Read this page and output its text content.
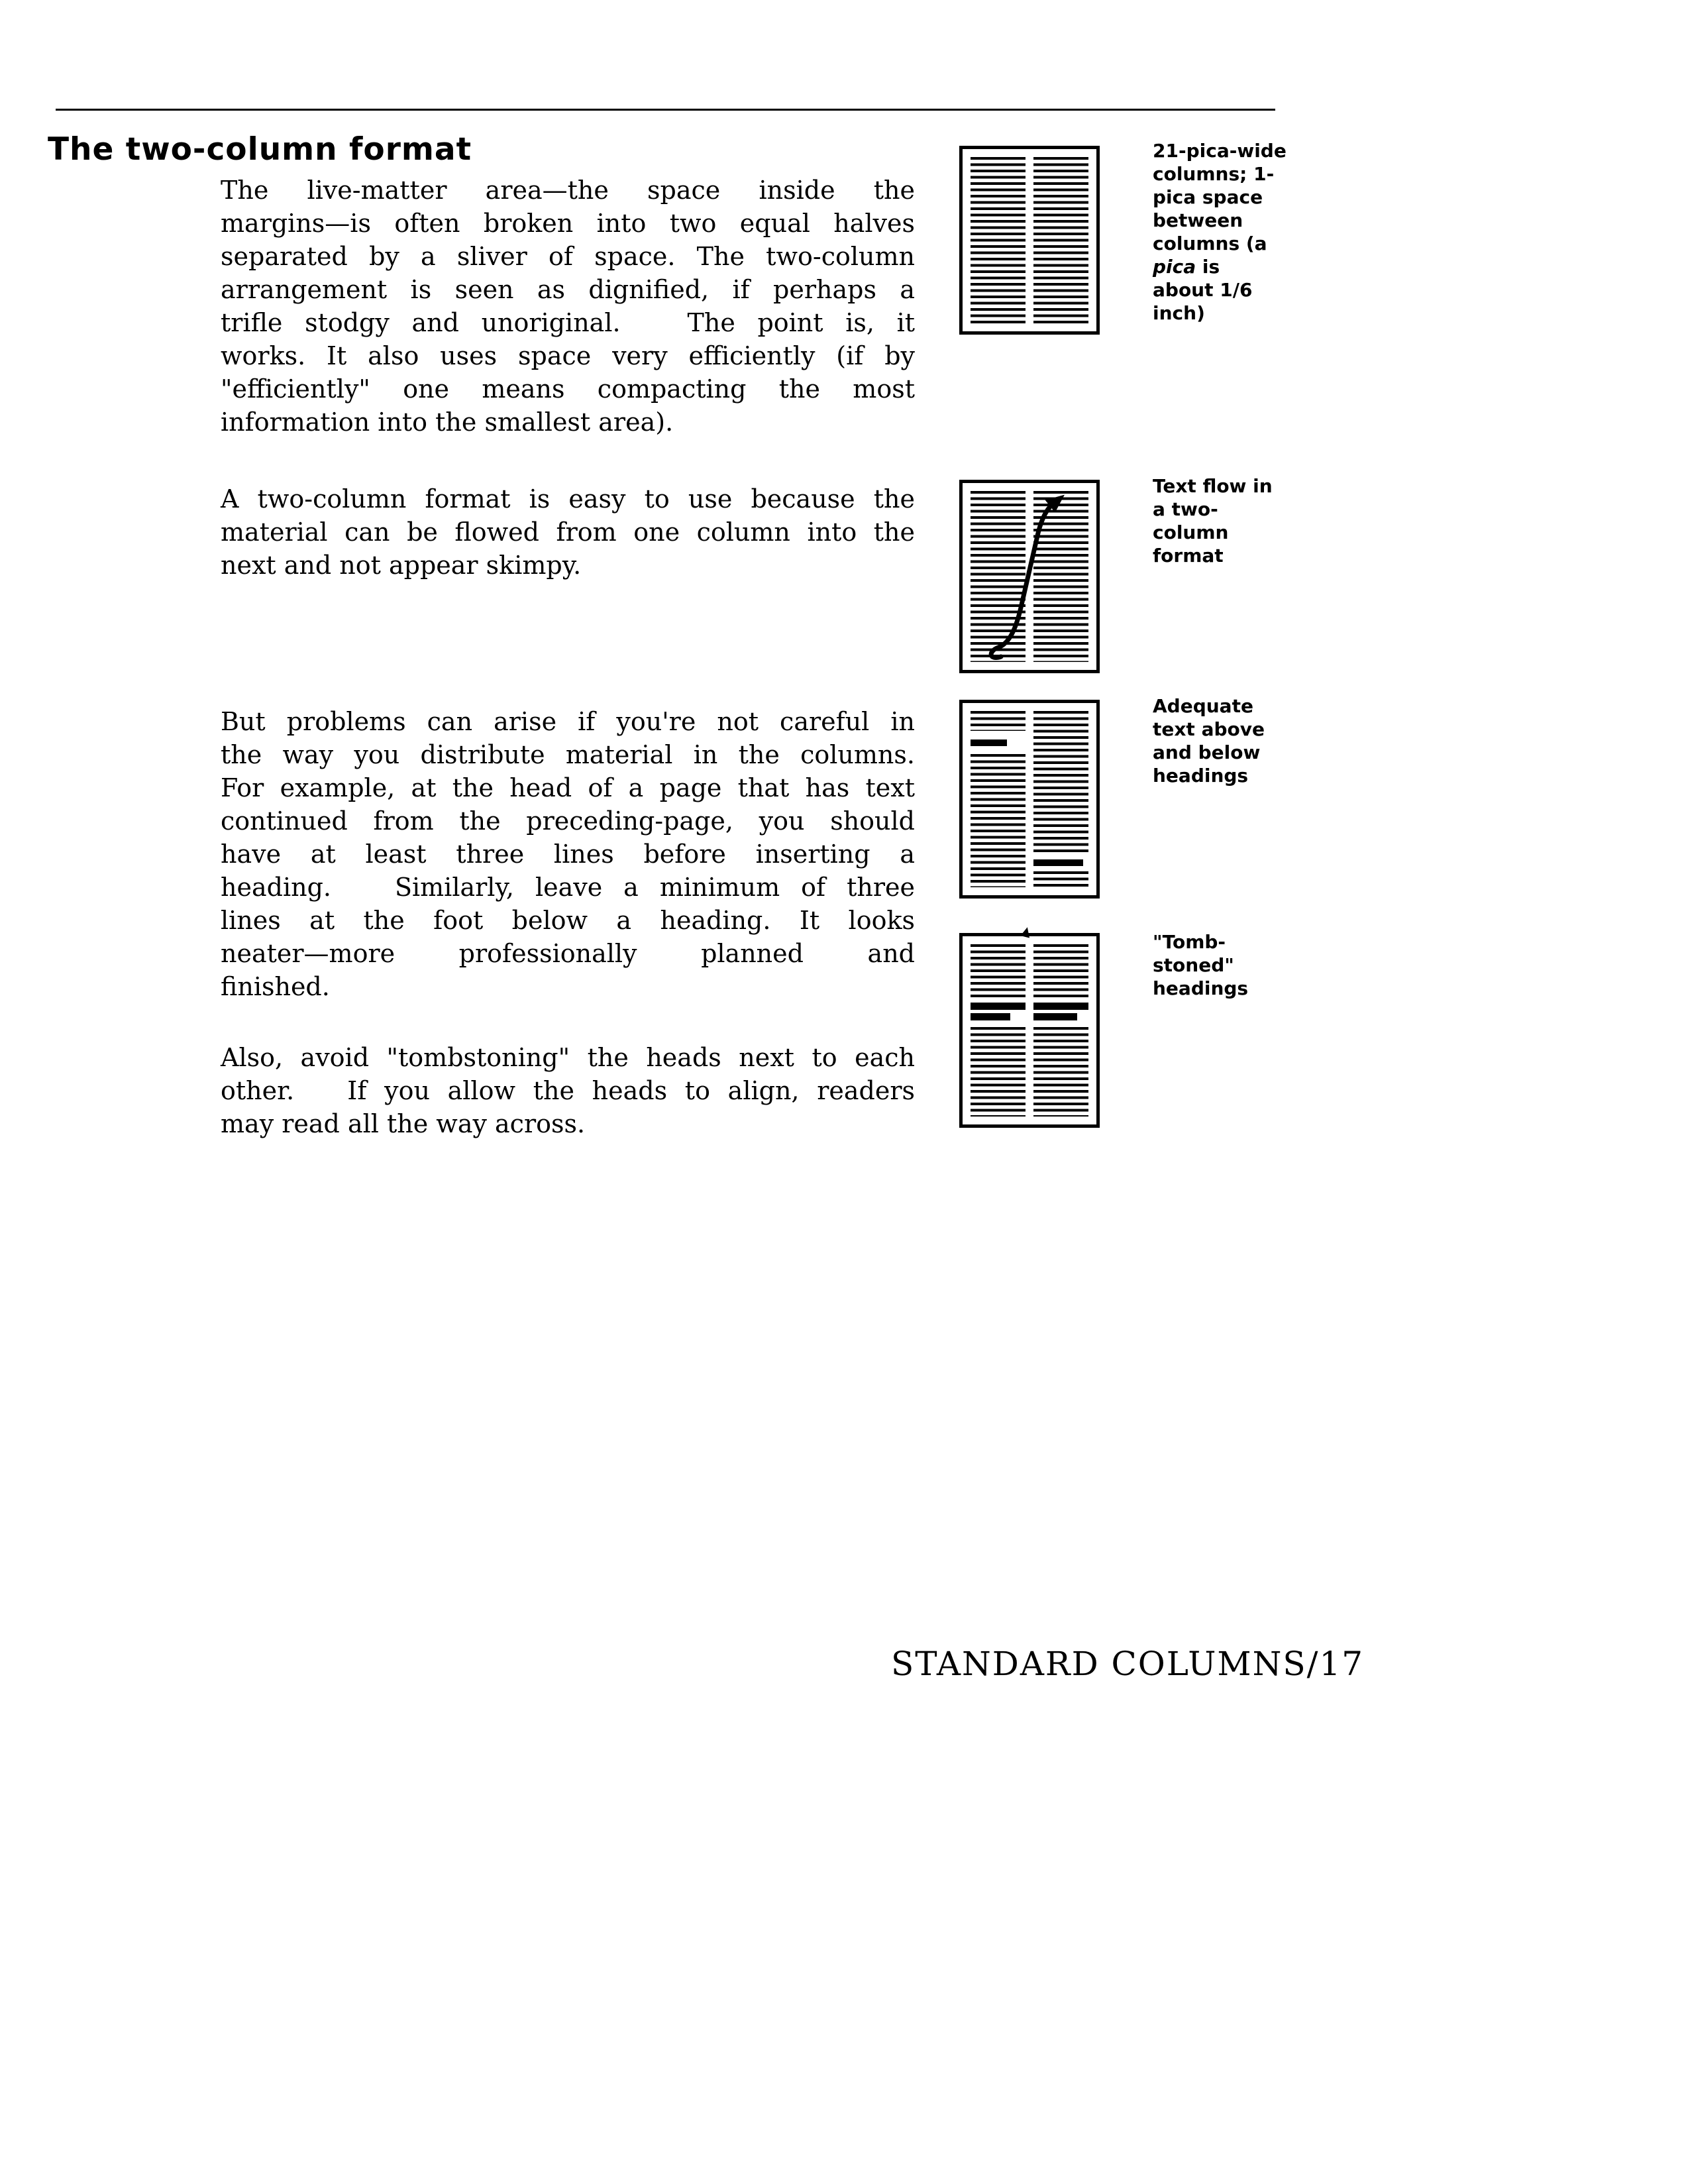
The two-column format
The live-matter area—the space inside the
margins—is often broken into two equal halves
separated by a sliver of space. The two-column
arrangement is seen as dignified, if perhaps a
trifle stodgy and unoriginal.   The point is, it
works. It also uses space very efficiently (if by
"efficiently" one means compacting the most
information into the smallest area).
A two-column format is easy to use because the
material can be flowed from one column into the
next and not appear skimpy.
But problems can arise if you're not careful in
the way you distribute material in the columns.
For example, at the head of a page that has text
continued from the preceding-page, you should
have at least three lines before inserting a
heading.   Similarly, leave a minimum of three
lines at the foot below a heading. It looks
neater—more professionally planned and
finished.
Also, avoid "tombstoning" the heads next to each
other.   If you allow the heads to align, readers
may read all the way across.
21-pica-wide
columns; 1-
pica space
between
columns (a
pica is
about 1/6
inch)
Text flow in
a two-
column
format
Adequate
text above
and below
headings
"Tomb-
stoned"
headings
STANDARD COLUMNS/17
